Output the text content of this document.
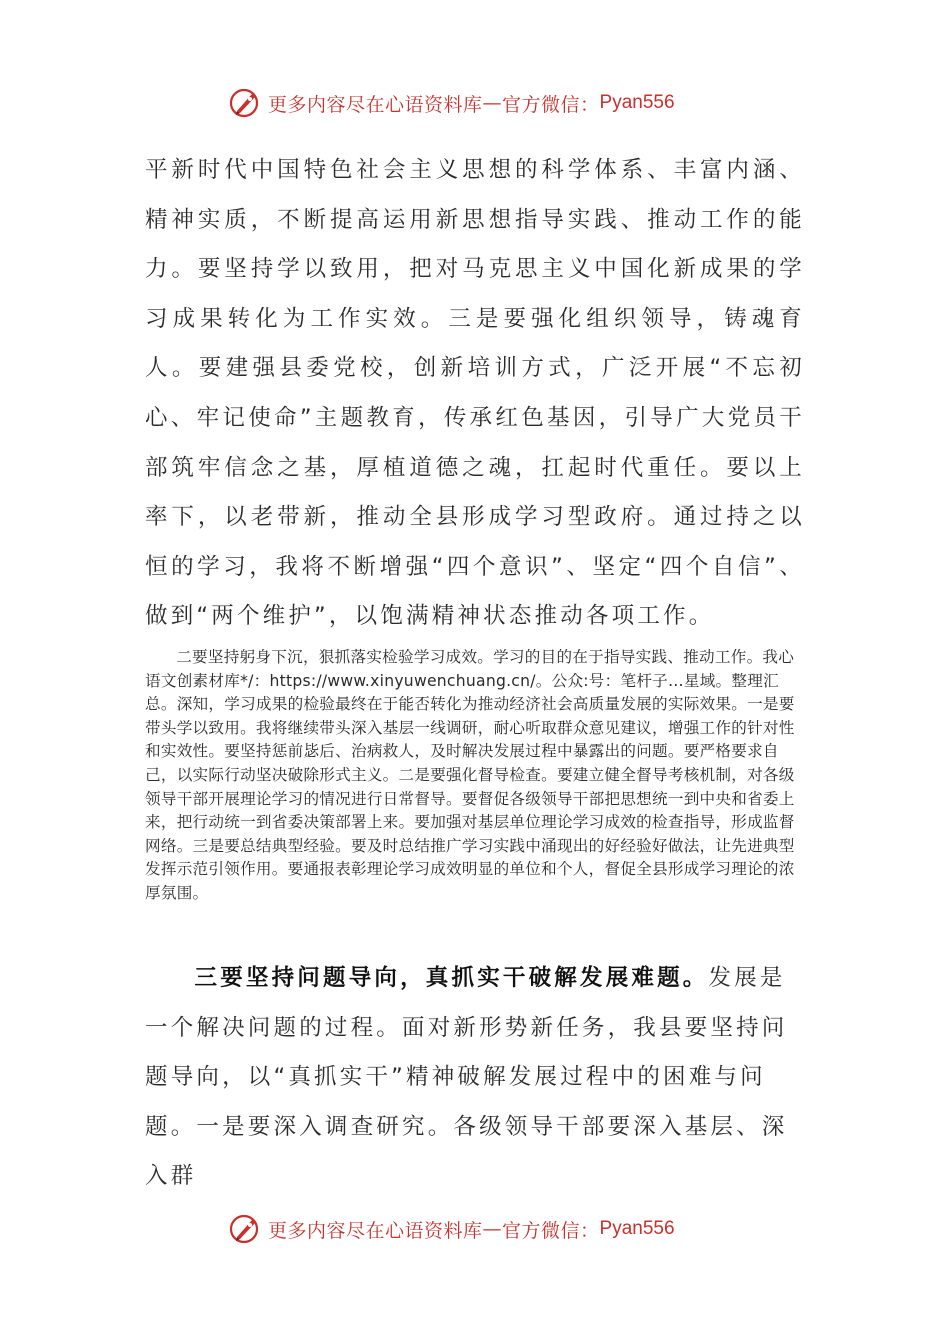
更多内容尽在心语资料库 — 官方微信： Pyan556

平新时代中国特色社会主义思想的科学体系、丰富内涵、精神实质，不断提高运用新思想指导实践、推动工作的能力。要坚持学以致用，把对马克思主义中国化新成果的学习成果转化为工作实效。三是要强化组织领导，铸魂育人。要建强县委党校，创新培训方式，广泛开展“不忘初心、牢记使命”主题教育，传承红色基因，引导广大党员干部筑牢信念之基，厚植道德之魂，扛起时代重任。要以上率下，以老带新，推动全县形成学习型政府。通过持之以恒的学习，我将不断增强“四个意识”、坚定“四个自信”、做到“两个维护”，以饱满精神状态推动各项工作。

二要坚持躬身下沉，狠抓落实检验学习成效。学习的目的在于指导实践、推动工作。我心语文创素材库*/：https://www.xinyuwenchuang.cn/。公众:号：笔杆子…星域。整理汇总。深知，学习成果的检验最终在于能否转化为推动经济社会高质量发展的实际效果。一是要带头学以致用。我将继续带头深入基层一线调研，耐心听取群众意见建议，增强工作的针对性和实效性。要坚持惩前毖后、治病救人，及时解决发展过程中暴露出的问题。要严格要求自己，以实际行动坚决破除形式主义。二是要强化督导检查。要建立健全督导考核机制，对各级领导干部开展理论学习的情况进行日常督导。要督促各级领导干部把思想统一到中央和省委上来，把行动统一到省委决策部署上来。要加强对基层单位理论学习成效的检查指导，形成监督网络。三是要总结典型经验。要及时总结推广学习实践中涌现出的好经验好做法，让先进典型发挥示范引领作用。要通报表彰理论学习成效明显的单位和个人，督促全县形成学习理论的浓厚氛围。

三要坚持问题导向，真抓实干破解发展难题。发展是一个解决问题的过程。面对新形势新任务，我县要坚持问题导向，以“真抓实干”精神破解发展过程中的困难与问题。一是要深入调查研究。各级领导干部要深入基层、深入群

更多内容尽在心语资料库 — 官方微信： Pyan556
